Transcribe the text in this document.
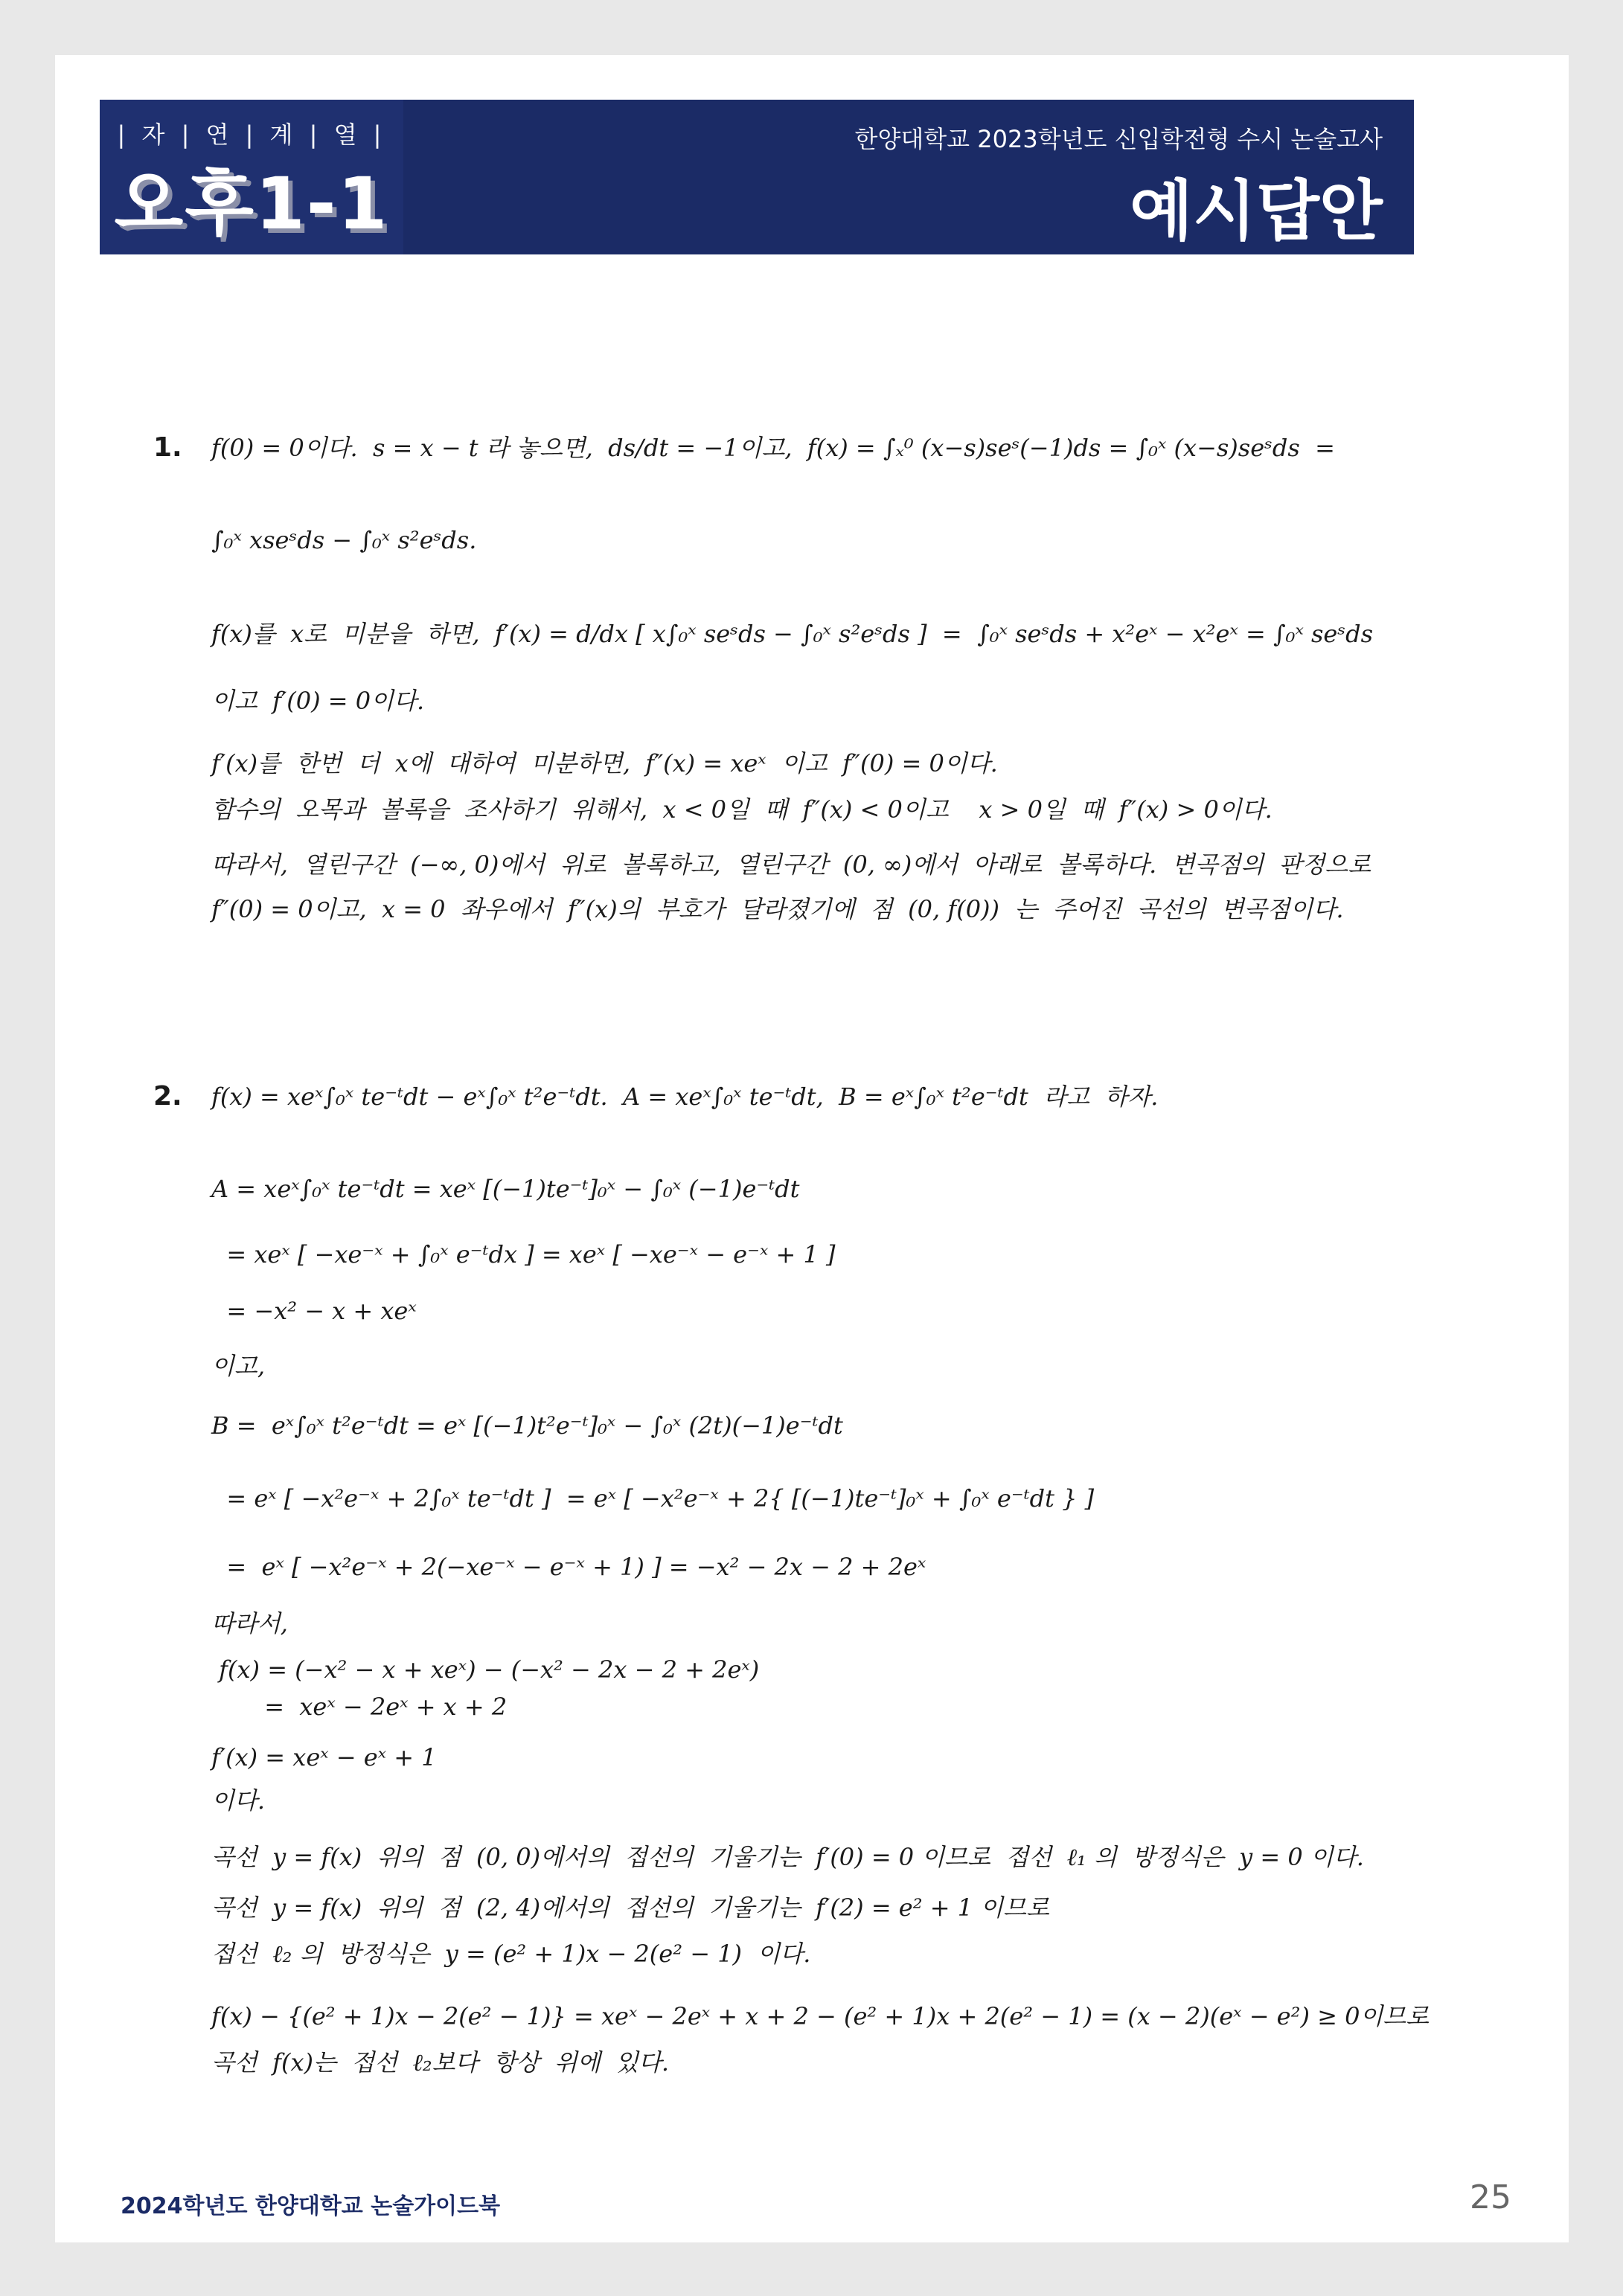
| 자 | 연 | 계 | 열 |
오후1-1
한양대학교 2023학년도 신입학전형 수시 논술고사
예시답안
1. f(0) = 0이다.  s = x − t 라 놓으면,  ds/dt = −1이고,  f(x) = ∫ₓ⁰ (x−s)seˢ(−1)ds = ∫₀ˣ (x−s)seˢds  =
∫₀ˣ xseˢds − ∫₀ˣ s²eˢds.
f(x)를  x로  미분을  하면,  f′(x) = d/dx [ x∫₀ˣ seˢds − ∫₀ˣ s²eˢds ]  =  ∫₀ˣ seˢds + x²eˣ − x²eˣ = ∫₀ˣ seˢds
이고  f′(0) = 0이다.
f′(x)를  한번  더  x에  대하여  미분하면,  f″(x) = xeˣ  이고  f″(0) = 0이다.
함수의  오목과  볼록을  조사하기  위해서,  x < 0일  때  f″(x) < 0이고    x > 0일  때  f″(x) > 0이다.
따라서,  열린구간  (−∞, 0)에서  위로  볼록하고,  열린구간  (0, ∞)에서  아래로  볼록하다.  변곡점의  판정으로
f″(0) = 0이고,  x = 0  좌우에서  f″(x)의  부호가  달라졌기에  점  (0, f(0))  는  주어진  곡선의  변곡점이다.
2. f(x) = xeˣ∫₀ˣ te⁻ᵗdt − eˣ∫₀ˣ t²e⁻ᵗdt.  A = xeˣ∫₀ˣ te⁻ᵗdt,  B = eˣ∫₀ˣ t²e⁻ᵗdt  라고  하자.
A = xeˣ∫₀ˣ te⁻ᵗdt = xeˣ [(−1)te⁻ᵗ]₀ˣ − ∫₀ˣ (−1)e⁻ᵗdt
= xeˣ [ −xe⁻ˣ + ∫₀ˣ e⁻ᵗdx ] = xeˣ [ −xe⁻ˣ − e⁻ˣ + 1 ]
= −x² − x + xeˣ
이고,
B =  eˣ∫₀ˣ t²e⁻ᵗdt = eˣ [(−1)t²e⁻ᵗ]₀ˣ − ∫₀ˣ (2t)(−1)e⁻ᵗdt
= eˣ [ −x²e⁻ˣ + 2∫₀ˣ te⁻ᵗdt ]  = eˣ [ −x²e⁻ˣ + 2{ [(−1)te⁻ᵗ]₀ˣ + ∫₀ˣ e⁻ᵗdt } ]
=  eˣ [ −x²e⁻ˣ + 2(−xe⁻ˣ − e⁻ˣ + 1) ] = −x² − 2x − 2 + 2eˣ
따라서,
f(x) = (−x² − x + xeˣ) − (−x² − 2x − 2 + 2eˣ)
=  xeˣ − 2eˣ + x + 2
f′(x) = xeˣ − eˣ + 1
이다.
곡선  y = f(x)  위의  점  (0, 0)에서의  접선의  기울기는  f′(0) = 0 이므로  접선  ℓ₁ 의  방정식은  y = 0 이다.
곡선  y = f(x)  위의  점  (2, 4)에서의  접선의  기울기는  f′(2) = e² + 1 이므로
접선  ℓ₂ 의  방정식은  y = (e² + 1)x − 2(e² − 1)  이다.
f(x) − {(e² + 1)x − 2(e² − 1)} = xeˣ − 2eˣ + x + 2 − (e² + 1)x + 2(e² − 1) = (x − 2)(eˣ − e²) ≥ 0이므로
곡선  f(x)는  접선  ℓ₂보다  항상  위에  있다.
2024학년도 한양대학교 논술가이드북	25
